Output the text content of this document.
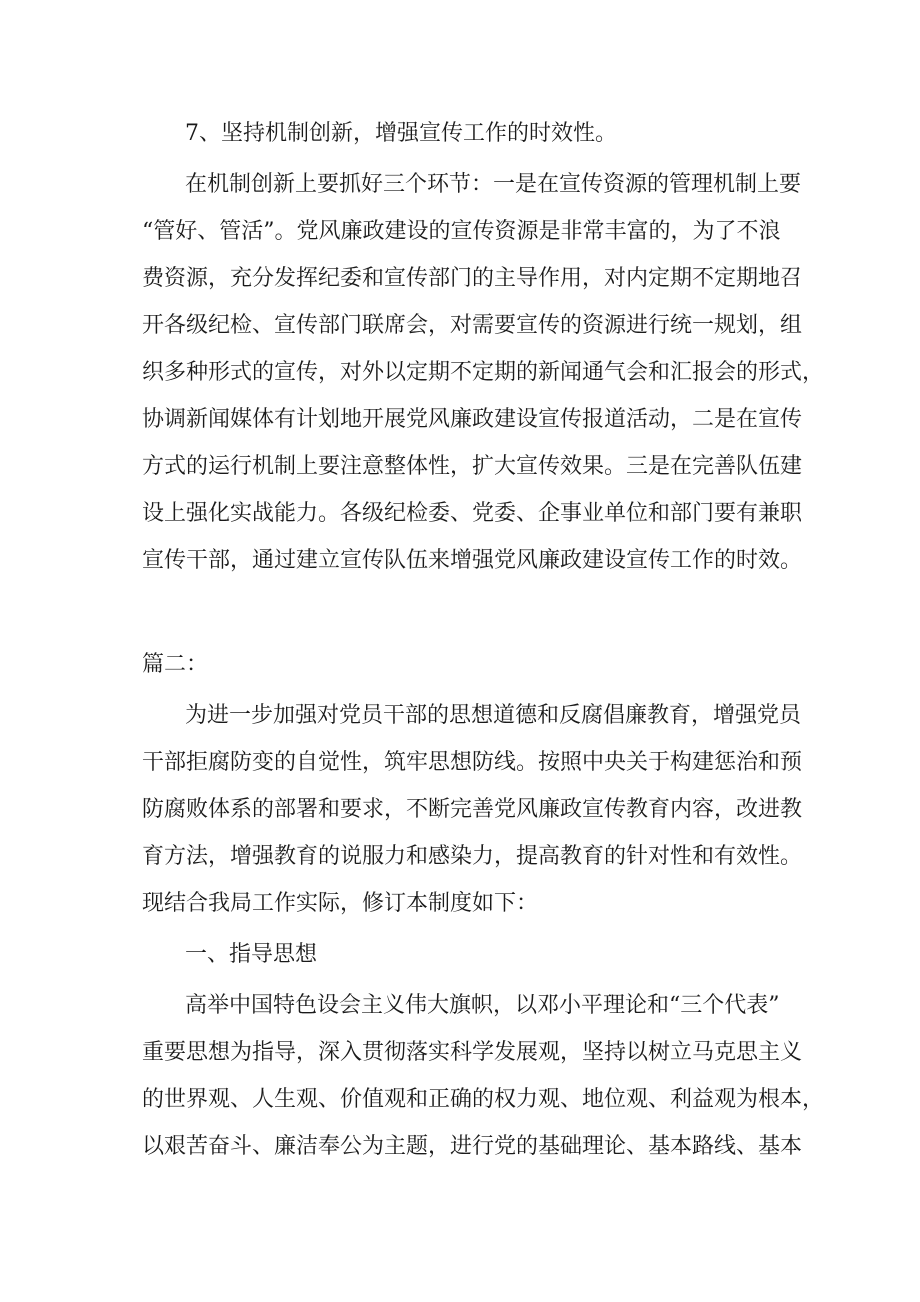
7、坚持机制创新，增强宣传工作的时效性。
在机制创新上要抓好三个环节：一是在宣传资源的管理机制上要
“管好、管活”。党风廉政建设的宣传资源是非常丰富的，为了不浪
费资源，充分发挥纪委和宣传部门的主导作用，对内定期不定期地召
开各级纪检、宣传部门联席会，对需要宣传的资源进行统一规划，组
织多种形式的宣传，对外以定期不定期的新闻通气会和汇报会的形式，
协调新闻媒体有计划地开展党风廉政建设宣传报道活动，二是在宣传
方式的运行机制上要注意整体性，扩大宣传效果。三是在完善队伍建
设上强化实战能力。各级纪检委、党委、企事业单位和部门要有兼职
宣传干部，通过建立宣传队伍来增强党风廉政建设宣传工作的时效。
篇二：
为进一步加强对党员干部的思想道德和反腐倡廉教育，增强党员
干部拒腐防变的自觉性，筑牢思想防线。按照中央关于构建惩治和预
防腐败体系的部署和要求，不断完善党风廉政宣传教育内容，改进教
育方法，增强教育的说服力和感染力，提高教育的针对性和有效性。
现结合我局工作实际，修订本制度如下：
一、指导思想
高举中国特色设会主义伟大旗帜，以邓小平理论和“三个代表”
重要思想为指导，深入贯彻落实科学发展观，坚持以树立马克思主义
的世界观、人生观、价值观和正确的权力观、地位观、利益观为根本，
以艰苦奋斗、廉洁奉公为主题，进行党的基础理论、基本路线、基本
